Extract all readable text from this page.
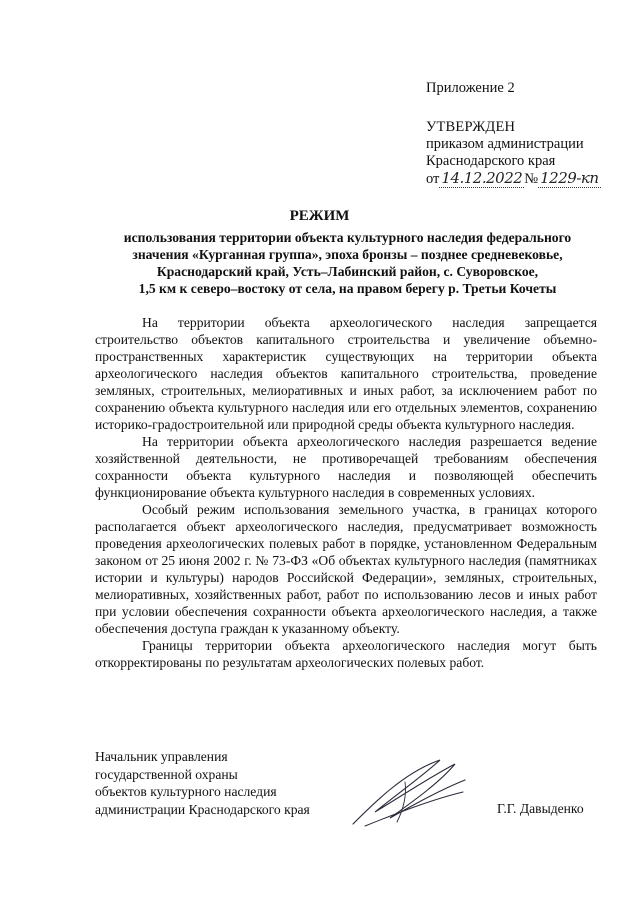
Приложение 2
УТВЕРЖДЕН
приказом администрации
Краснодарского края
от 14.12.2022 № 1229-кп
РЕЖИМ
использования территории объекта культурного наследия федерального
значения «Курганная группа», эпоха бронзы – позднее средневековье,
Краснодарский край, Усть–Лабинский район, с. Суворовское,
1,5 км к северо–востоку от села, на правом берегу р. Третьи Кочеты

На территории объекта археологического наследия запрещается строительство объектов капитального строительства и увеличение объемно-пространственных характеристик существующих на территории объекта археологического наследия объектов капитального строительства, проведение земляных, строительных, мелиоративных и иных работ, за исключением работ по сохранению объекта культурного наследия или его отдельных элементов, сохранению историко-градостроительной или природной среды объекта культурного наследия.

На территории объекта археологического наследия разрешается ведение хозяйственной деятельности, не противоречащей требованиям обеспечения сохранности объекта культурного наследия и позволяющей обеспечить функционирование объекта культурного наследия в современных условиях.

Особый режим использования земельного участка, в границах которого располагается объект археологического наследия, предусматривает возможность проведения археологических полевых работ в порядке, установленном Федеральным законом от 25 июня 2002 г. № 73-ФЗ «Об объектах культурного наследия (памятниках истории и культуры) народов Российской Федерации», земляных, строительных, мелиоративных, хозяйственных работ, работ по использованию лесов и иных работ при условии обеспечения сохранности объекта археологического наследия, а также обеспечения доступа граждан к указанному объекту.

Границы территории объекта археологического наследия могут быть откорректированы по результатам археологических полевых работ.

Начальник управления
государственной охраны
объектов культурного наследия
администрации Краснодарского края	Г.Г. Давыденко
